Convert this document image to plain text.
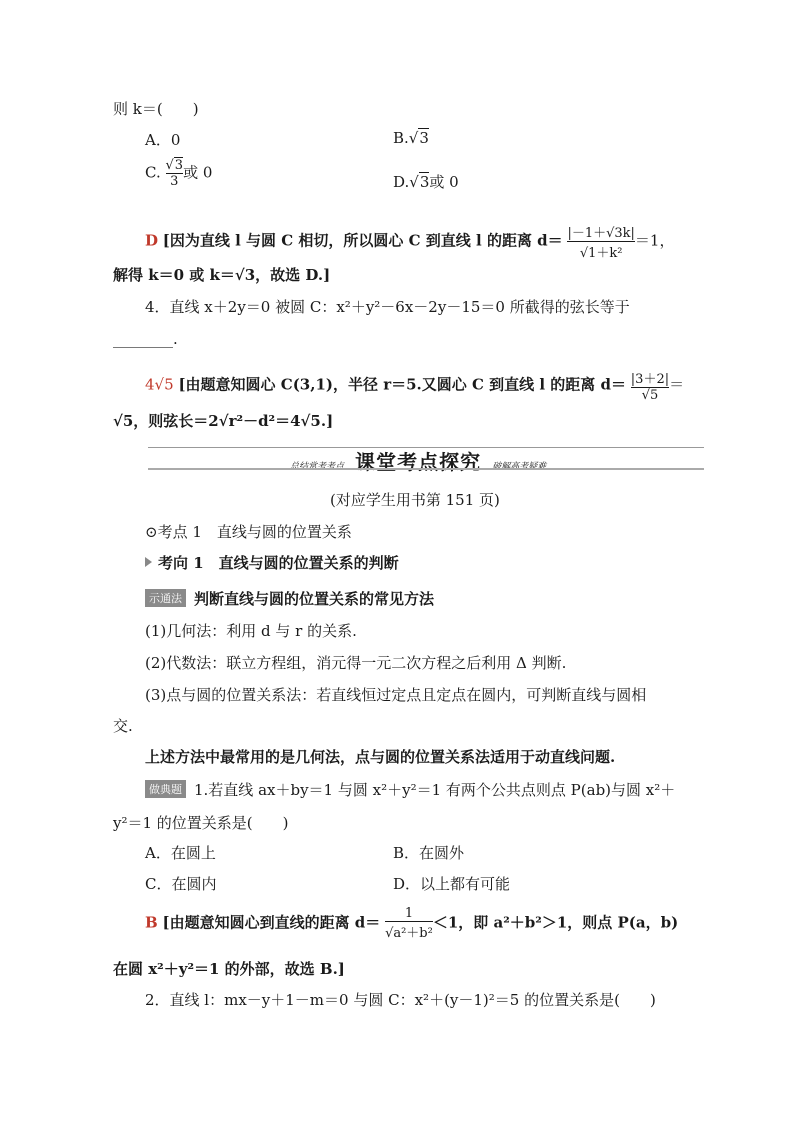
则 k＝(　　)
A．0	B.√3
C. $\frac{√3}{3}$ 或 0
D.√3或 0
D [因为直线 l 与圆 C 相切，所以圆心 C 到直线 l 的距离 $d= \frac{|-1+√3k|}{\text{√1＋k²}} =1$，
解得 k＝0 或 k＝√3，故选 D.]
4．直线 x＋2y＝0 被圆 C：x²＋y²－6x－2y－15＝0 所截得的弦长等于
________.
4√5 [由题意知圆心 C(3,1)，半径 r＝5.又圆心 C 到直线 l 的距离 $d= \frac{|3+2|}{√5}$ ＝
√5，则弦长＝2√r²－d²＝4√5.]
总结常考考点 课堂考点探究 破解高考疑难
(对应学生用书第 151 页)
⊙考点 1　直线与圆的位置关系
考向 1　直线与圆的位置关系的判断
示通法 判断直线与圆的位置关系的常见方法
(1)几何法：利用 d 与 r 的关系.
(2)代数法：联立方程组，消元得一元二次方程之后利用 Δ 判断.
(3)点与圆的位置关系法：若直线恒过定点且定点在圆内，可判断直线与圆相
交.
上述方法中最常用的是几何法，点与圆的位置关系法适用于动直线问题.
做典题 1.若直线 ax＋by＝1 与圆 x²＋y²＝1 有两个公共点则点 P(ab)与圆 x²＋
y²＝1 的位置关系是(　　)
A．在圆上	B．在圆外
C．在圆内	D．以上都有可能
B [由题意知圆心到直线的距离 $d= \frac{1}{\text{√a²＋b²}} <1$，即 a²＋b²＞1，则点 P(a，b)
在圆 x²＋y²＝1 的外部，故选 B.]
2．直线 l：mx－y＋1－m＝0 与圆 C：x²＋(y－1)²＝5 的位置关系是(　　)
